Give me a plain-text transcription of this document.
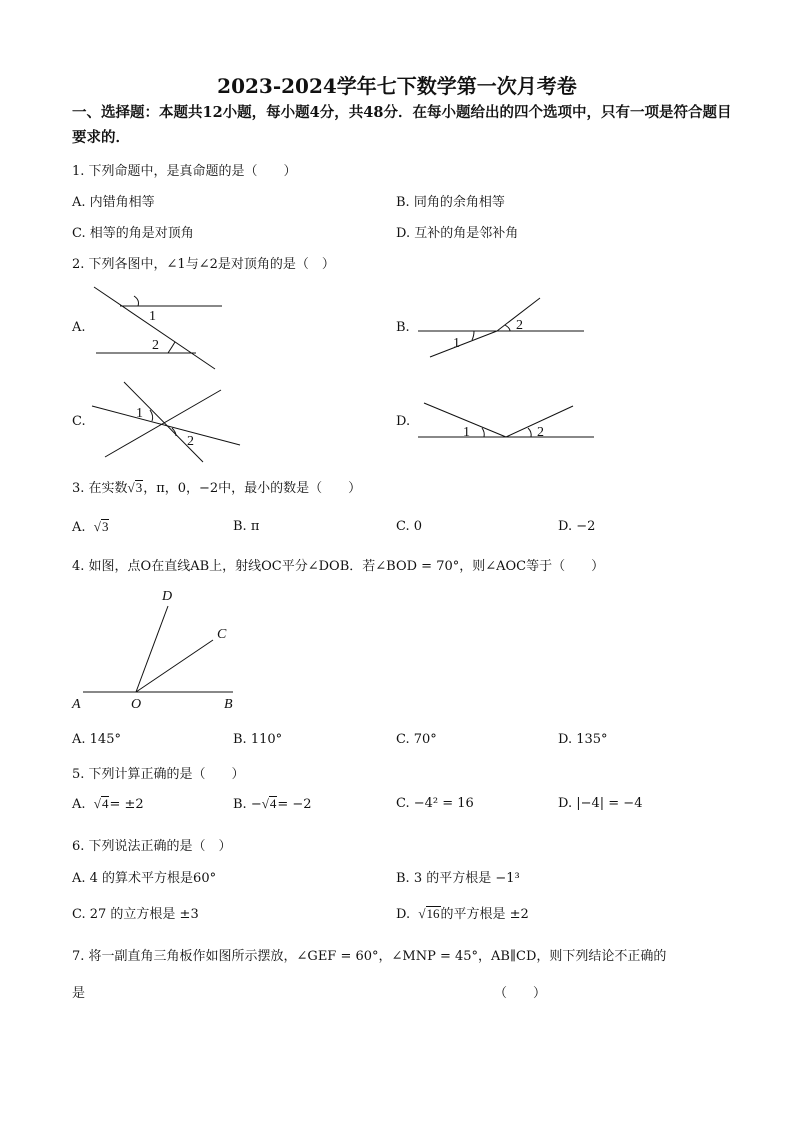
2023-2024学年七下数学第一次月考卷
一、选择题：本题共12小题，每小题4分，共48分．在每小题给出的四个选项中，只有一项是符合题目要求的．
1. 下列命题中，是真命题的是（　　）
A. 内错角相等	B. 同角的余角相等
C. 相等的角是对顶角	D. 互补的角是邻补角
2. 下列各图中，∠1与∠2是对顶角的是（　）
A.	B.
C.	D.
1
2	1
2
1
2
1	2
3. 在实数√3，π，0，−2中，最小的数是（　　）
A. √3	B. π	C. 0	D. −2
4. 如图，点O在直线AB上，射线OC平分∠DOB．若∠BOD = 70°，则∠AOC等于（　　）
D
C
A	O	B
A. 145°	B. 110°	C. 70°	D. 135°
5. 下列计算正确的是（　　）
A. √4= ±2	B. −√4= −2	C. −4² = 16	D. |−4| = −4
6. 下列说法正确的是（　）
A. 4 的算术平方根是60°	B. 3 的平方根是 −1³
C. 27 的立方根是 ±3	D. √16的平方根是 ±2
7. 将一副直角三角板作如图所示摆放，∠GEF = 60°，∠MNP = 45°，AB∥CD，则下列结论不正确的
是	（　　）
